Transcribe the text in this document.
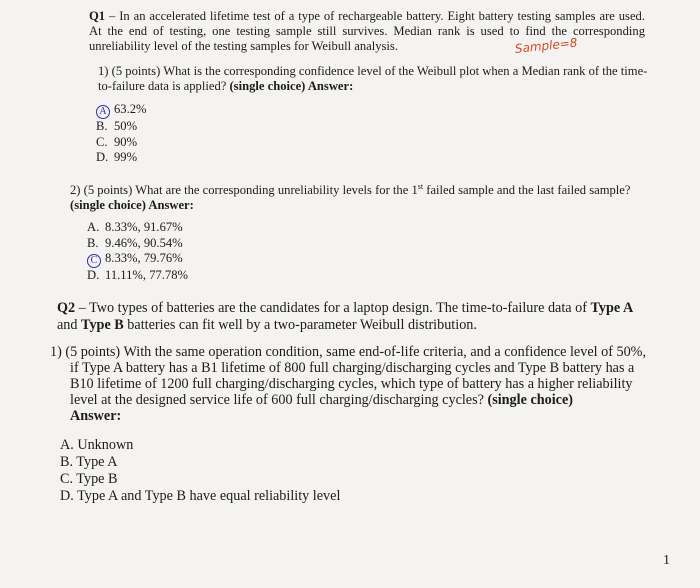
Q1 – In an accelerated lifetime test of a type of rechargeable battery. Eight battery testing samples are used. At the end of testing, one testing sample still survives. Median rank is used to find the corresponding unreliability level of the testing samples for Weibull analysis.	Sample=8

1) (5 points) What is the corresponding confidence level of the Weibull plot when a Median rank of the time-to-failure data is applied? (single choice) Answer:

A 63.2%
B. 50%
C. 90%
D. 99%

2) (5 points) What are the corresponding unreliability levels for the 1st failed sample and the last failed sample? (single choice) Answer:

A. 8.33%, 91.67%
B. 9.46%, 90.54%
C 8.33%, 79.76%
D. 11.11%, 77.78%

Q2 – Two types of batteries are the candidates for a laptop design. The time-to-failure data of Type A and Type B batteries can fit well by a two-parameter Weibull distribution.

1) (5 points) With the same operation condition, same end-of-life criteria, and a confidence level of 50%,
if Type A battery has a B1 lifetime of 800 full charging/discharging cycles and Type B battery has a B10 lifetime of 1200 full charging/discharging cycles, which type of battery has a higher reliability level at the designed service life of 600 full charging/discharging cycles? (single choice)
Answer:

A. Unknown
B. Type A
C. Type B
D. Type A and Type B have equal reliability level
1
